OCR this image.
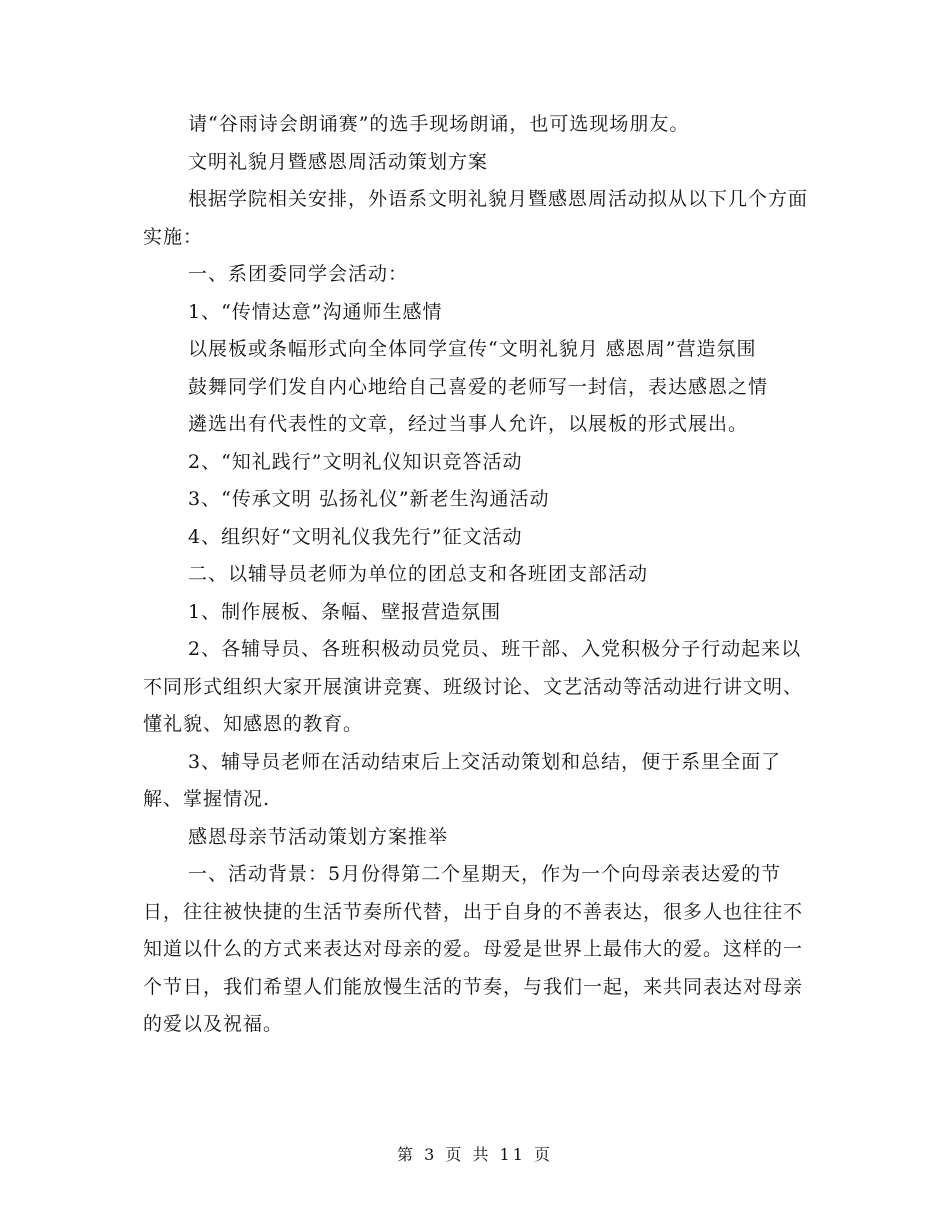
请“谷雨诗会朗诵赛”的选手现场朗诵，也可选现场朋友。

文明礼貌月暨感恩周活动策划方案

根据学院相关安排，外语系文明礼貌月暨感恩周活动拟从以下几个方面实施：

一、系团委同学会活动：

1、“传情达意”沟通师生感情

以展板或条幅形式向全体同学宣传“文明礼貌月 感恩周”营造氛围

鼓舞同学们发自内心地给自己喜爱的老师写一封信，表达感恩之情

遴选出有代表性的文章，经过当事人允许，以展板的形式展出。

2、“知礼践行”文明礼仪知识竞答活动

3、“传承文明 弘扬礼仪”新老生沟通活动

4、组织好“文明礼仪我先行”征文活动

二、以辅导员老师为单位的团总支和各班团支部活动

1、制作展板、条幅、壁报营造氛围

2、各辅导员、各班积极动员党员、班干部、入党积极分子行动起来以不同形式组织大家开展演讲竞赛、班级讨论、文艺活动等活动进行讲文明、懂礼貌、知感恩的教育。

3、辅导员老师在活动结束后上交活动策划和总结，便于系里全面了解、掌握情况.

感恩母亲节活动策划方案推举

一、活动背景：5月份得第二个星期天，作为一个向母亲表达爱的节日，往往被快捷的生活节奏所代替，出于自身的不善表达，很多人也往往不知道以什么的方式来表达对母亲的爱。母爱是世界上最伟大的爱。这样的一个节日，我们希望人们能放慢生活的节奏，与我们一起，来共同表达对母亲的爱以及祝福。

第 3 页 共 11 页
